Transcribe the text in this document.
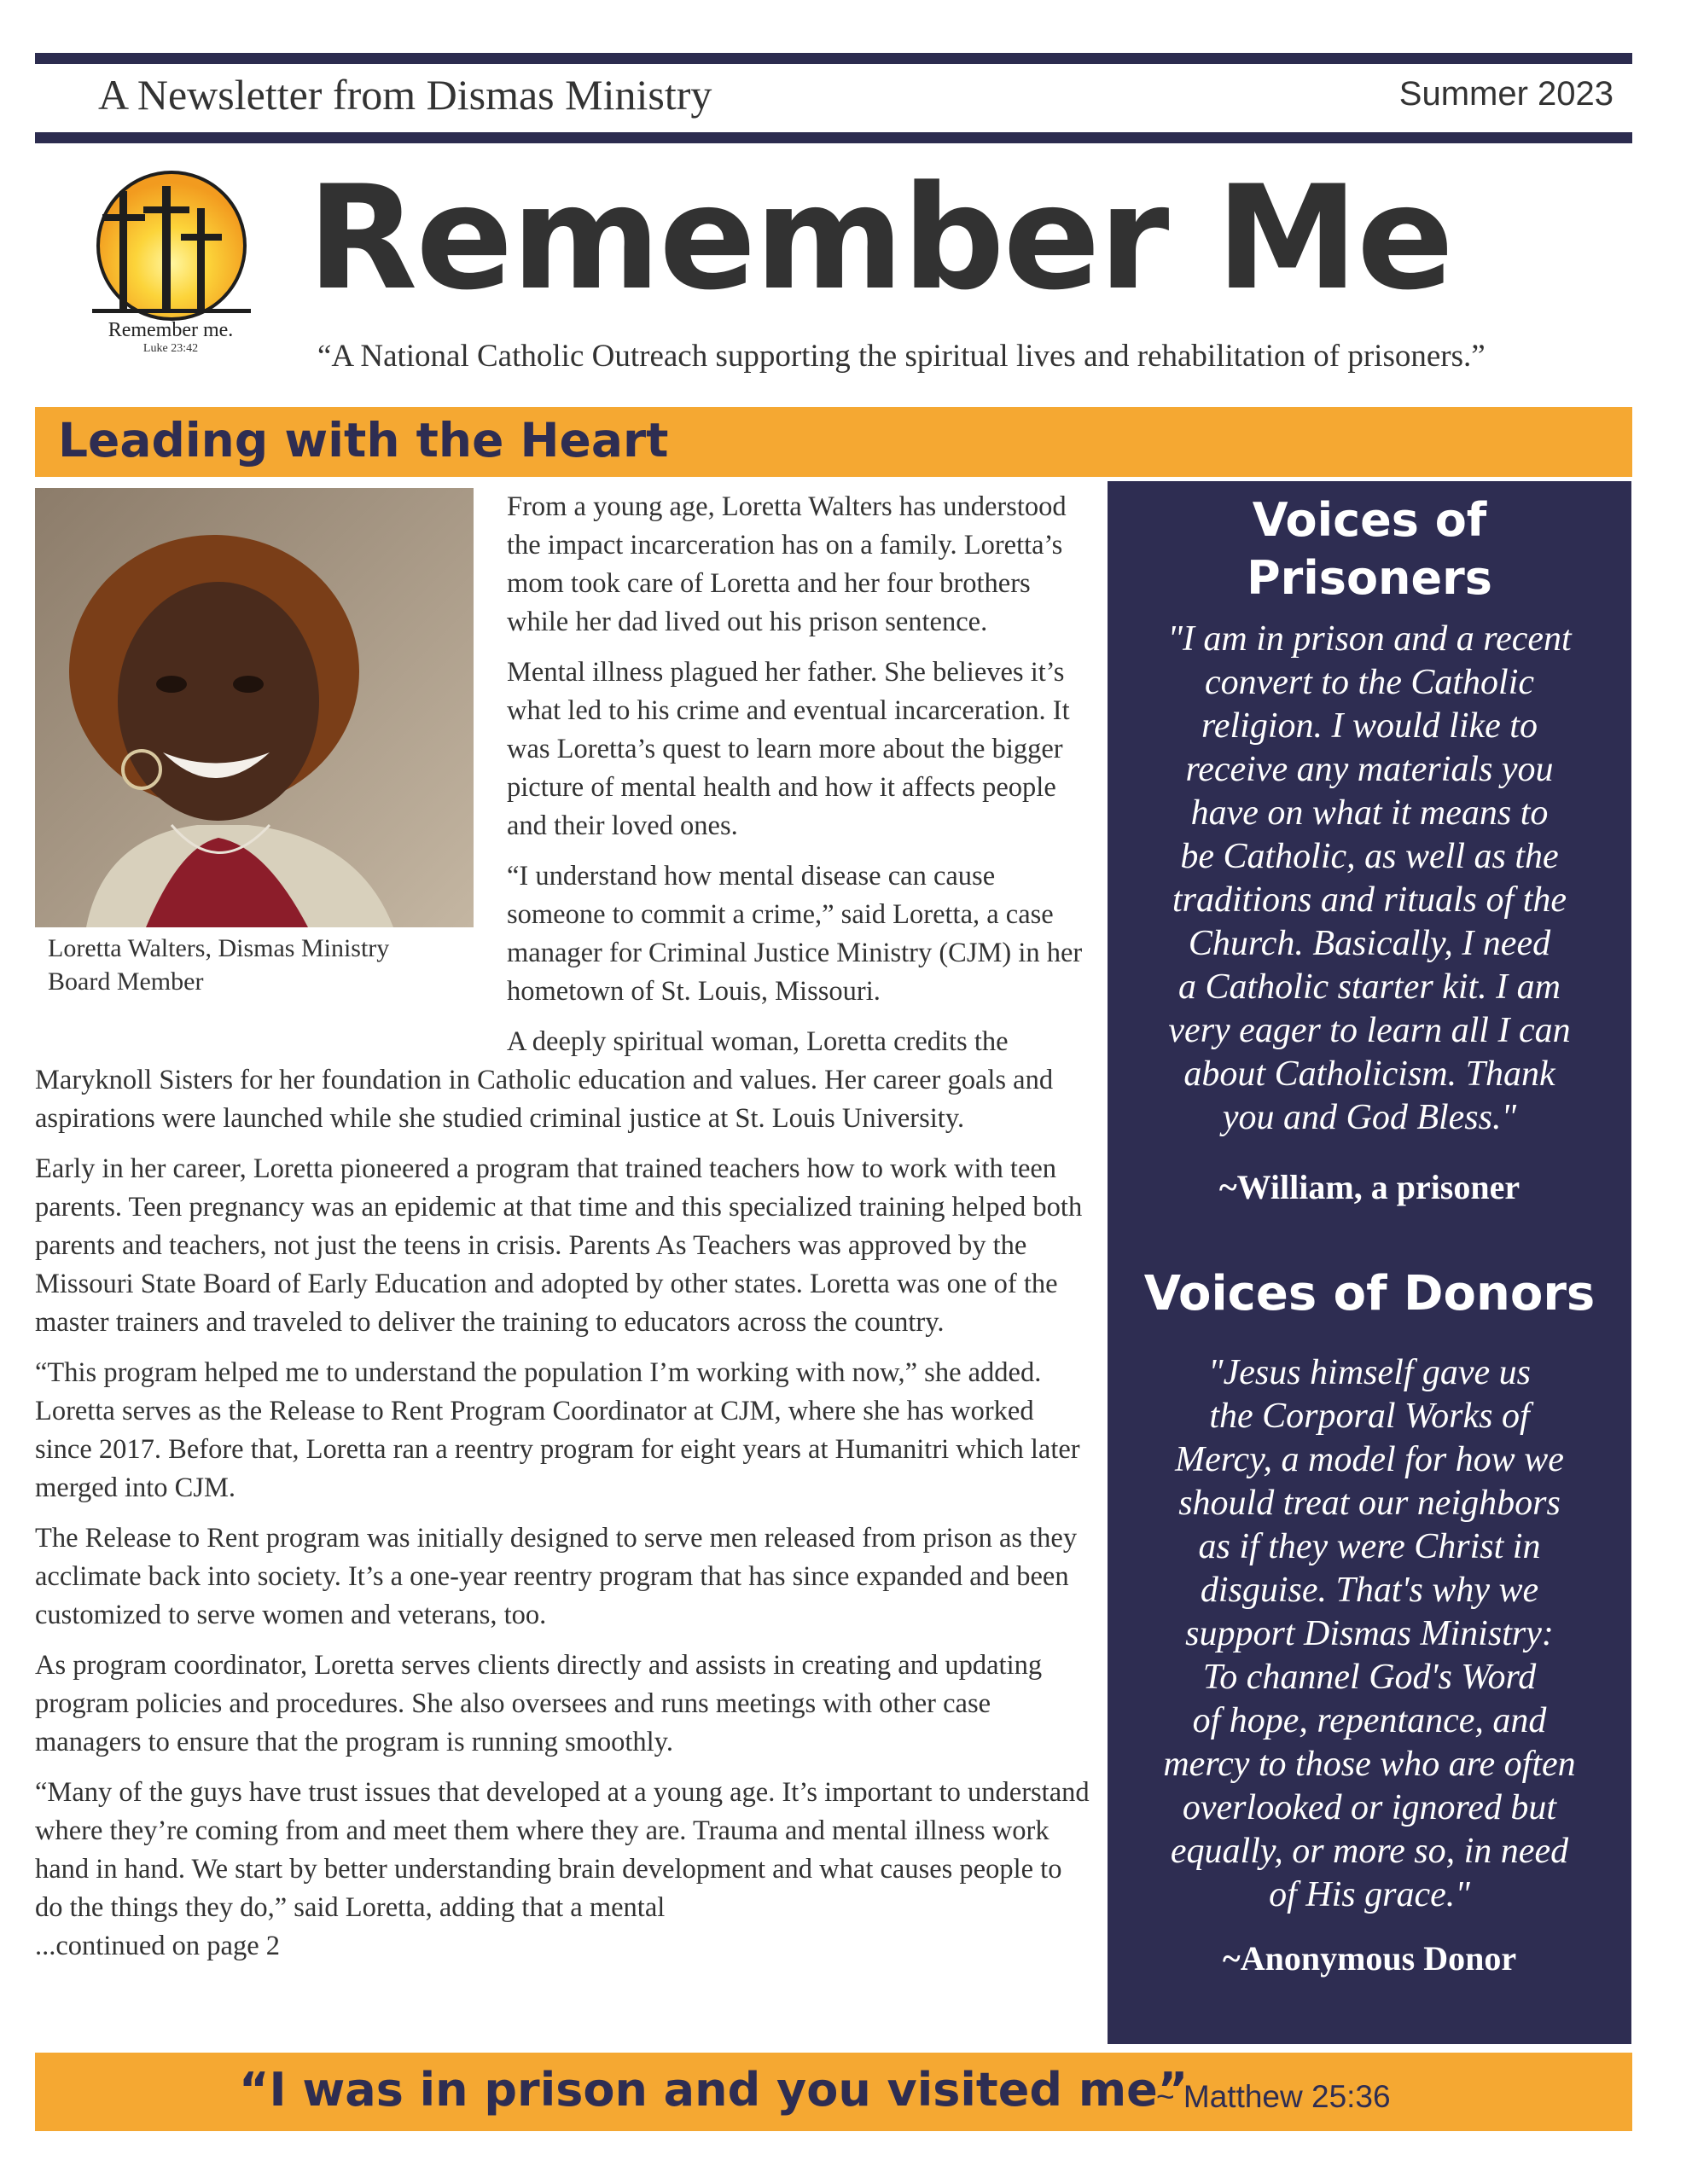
A Newsletter from Dismas Ministry	Summer 2023
Remember me.
Luke 23:42
Remember Me
“A National Catholic Outreach supporting the spiritual lives and rehabilitation of prisoners.”
Leading with the Heart
Loretta Walters, Dismas Ministry
Board Member

From a young age, Loretta Walters has understood the impact incarceration has on a family. Loretta’s mom took care of Loretta and her four brothers while her dad lived out his prison sentence.

Mental illness plagued her father. She believes it’s what led to his crime and eventual incarceration. It was Loretta’s quest to learn more about the bigger picture of mental health and how it affects people and their loved ones.

“I understand how mental disease can cause someone to commit a crime,” said Loretta, a case manager for Criminal Justice Ministry (CJM) in her hometown of St. Louis, Missouri.

A deeply spiritual woman, Loretta credits the Maryknoll Sisters for her foundation in Catholic education and values. Her career goals and aspirations were launched while she studied criminal justice at St. Louis University.

Early in her career, Loretta pioneered a program that trained teachers how to work with teen parents. Teen pregnancy was an epidemic at that time and this specialized training helped both parents and teachers, not just the teens in crisis. Parents As Teachers was approved by the Missouri State Board of Early Education and adopted by other states. Loretta was one of the master trainers and traveled to deliver the training to educators across the country.

“This program helped me to understand the population I’m working with now,” she added. Loretta serves as the Release to Rent Program Coordinator at CJM, where she has worked since 2017. Before that, Loretta ran a reentry program for eight years at Humanitri which later merged into CJM.

The Release to Rent program was initially designed to serve men released from prison as they acclimate back into society. It’s a one-year reentry program that has since expanded and been customized to serve women and veterans, too.

As program coordinator, Loretta serves clients directly and assists in creating and updating program policies and procedures. She also oversees and runs meetings with other case managers to ensure that the program is running smoothly.

“Many of the guys have trust issues that developed at a young age. It’s important to understand where they’re coming from and meet them where they are. Trauma and mental illness work hand in hand. We start by better understanding brain development and what causes people to do the things they do,” said Loretta, adding that a mental

...continued on page 2

Voices of
Prisoners
"I am in prison and a recent
convert to the Catholic
religion. I would like to
receive any materials you
have on what it means to
be Catholic, as well as the
traditions and rituals of the
Church. Basically, I need
a Catholic starter kit. I am
very eager to learn all I can
about Catholicism. Thank
you and God Bless."
~William, a prisoner
Voices of Donors
"Jesus himself gave us
the Corporal Works of
Mercy, a model for how we
should treat our neighbors
as if they were Christ in
disguise. That's why we
support Dismas Ministry:
To channel God's Word
of hope, repentance, and
mercy to those who are often
overlooked or ignored but
equally, or more so, in need
of His grace."
~Anonymous Donor
“I was in prison and you visited me”
~ Matthew 25:36
